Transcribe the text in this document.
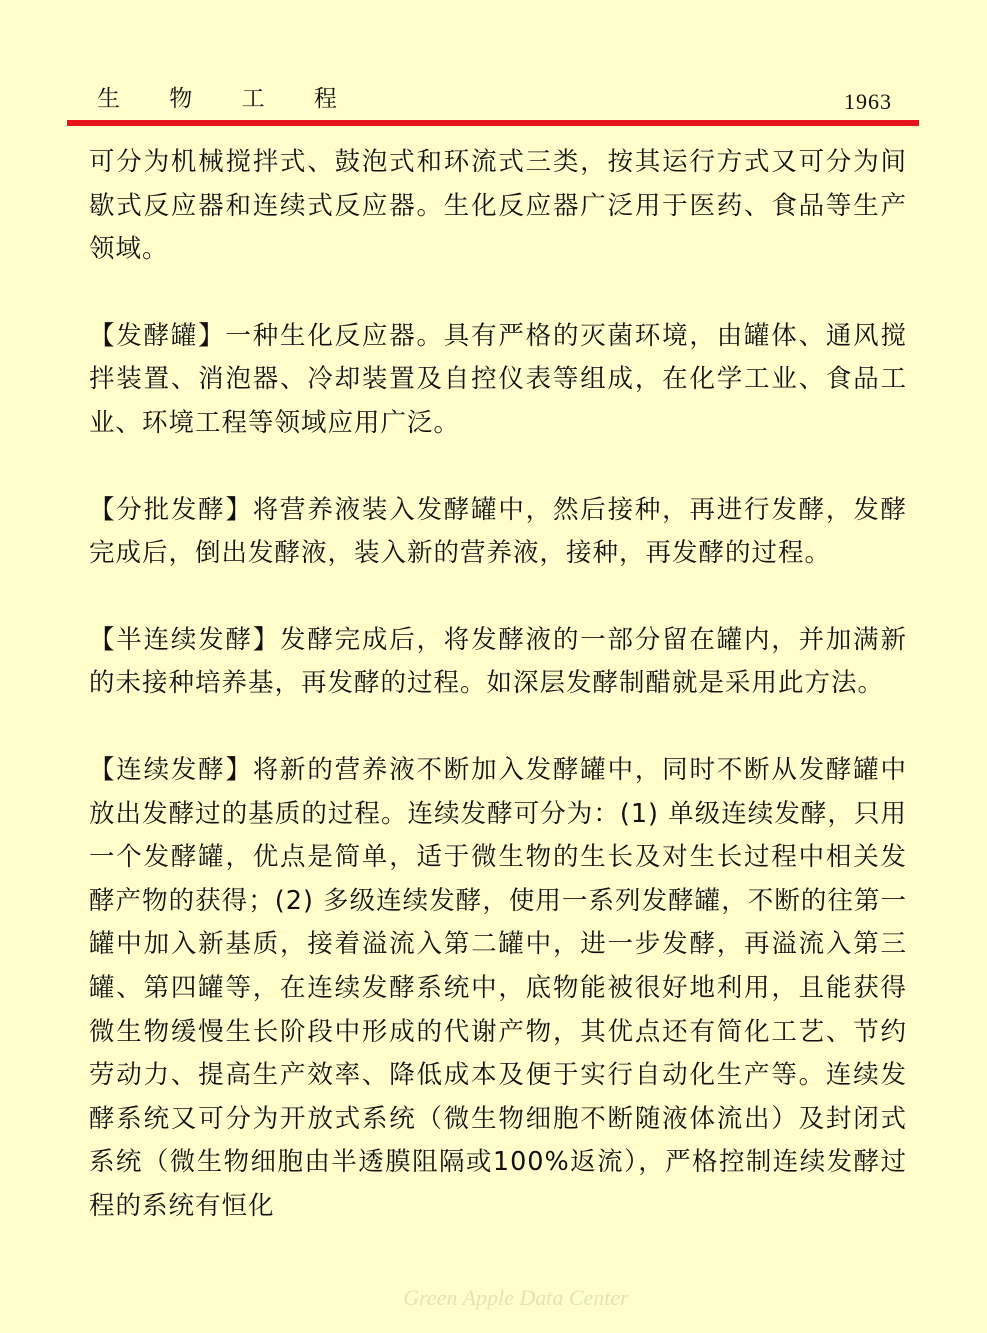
生 物 工 程	1963

可分为机械搅拌式、鼓泡式和环流式三类，按其运行方式又可分为间歇式反应器和连续式反应器。生化反应器广泛用于医药、食品等生产领域。

【发酵罐】一种生化反应器。具有严格的灭菌环境，由罐体、通风搅拌装置、消泡器、冷却装置及自控仪表等组成，在化学工业、食品工业、环境工程等领域应用广泛。

【分批发酵】将营养液装入发酵罐中，然后接种，再进行发酵，发酵完成后，倒出发酵液，装入新的营养液，接种，再发酵的过程。

【半连续发酵】发酵完成后，将发酵液的一部分留在罐内，并加满新的未接种培养基，再发酵的过程。如深层发酵制醋就是采用此方法。

【连续发酵】将新的营养液不断加入发酵罐中，同时不断从发酵罐中放出发酵过的基质的过程。连续发酵可分为：(1) 单级连续发酵，只用一个发酵罐，优点是简单，适于微生物的生长及对生长过程中相关发酵产物的获得；(2) 多级连续发酵，使用一系列发酵罐，不断的往第一罐中加入新基质，接着溢流入第二罐中，进一步发酵，再溢流入第三罐、第四罐等，在连续发酵系统中，底物能被很好地利用，且能获得微生物缓慢生长阶段中形成的代谢产物，其优点还有简化工艺、节约劳动力、提高生产效率、降低成本及便于实行自动化生产等。连续发酵系统又可分为开放式系统（微生物细胞不断随液体流出）及封闭式系统（微生物细胞由半透膜阻隔或100%返流），严格控制连续发酵过程的系统有恒化

Green Apple Data Center
